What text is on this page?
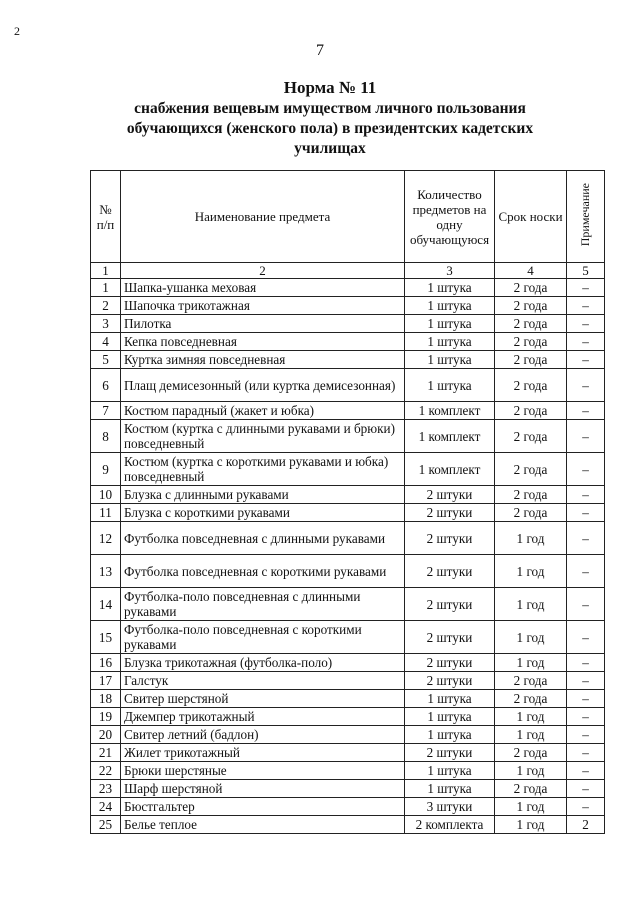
2
7
Норма № 11
снабжения вещевым имуществом личного пользования
обучающихся (женского пола) в президентских кадетских
училищах
№ п/п	Наименование предмета	Количество предметов на одну обучающуюся	Срок носки	Примечание
1	2	3	4	5
1	Шапка-ушанка меховая	1 штука	2 года	–
2	Шапочка трикотажная	1 штука	2 года	–
3	Пилотка	1 штука	2 года	–
4	Кепка повседневная	1 штука	2 года	–
5	Куртка зимняя повседневная	1 штука	2 года	–
6	Плащ демисезонный (или куртка демисезонная)	1 штука	2 года	–
7	Костюм парадный (жакет и юбка)	1 комплект	2 года	–
8	Костюм (куртка с длинными рукавами и брюки) повседневный	1 комплект	2 года	–
9	Костюм (куртка с короткими рукавами и юбка) повседневный	1 комплект	2 года	–
10	Блузка с длинными рукавами	2 штуки	2 года	–
11	Блузка с короткими рукавами	2 штуки	2 года	–
12	Футболка повседневная с длинными рукавами	2 штуки	1 год	–
13	Футболка повседневная с короткими рукавами	2 штуки	1 год	–
14	Футболка-поло повседневная с длинными рукавами	2 штуки	1 год	–
15	Футболка-поло повседневная с короткими рукавами	2 штуки	1 год	–
16	Блузка трикотажная (футболка-поло)	2 штуки	1 год	–
17	Галстук	2 штуки	2 года	–
18	Свитер шерстяной	1 штука	2 года	–
19	Джемпер трикотажный	1 штука	1 год	–
20	Свитер летний (бадлон)	1 штука	1 год	–
21	Жилет трикотажный	2 штуки	2 года	–
22	Брюки шерстяные	1 штука	1 год	–
23	Шарф шерстяной	1 штука	2 года	–
24	Бюстгальтер	3 штуки	1 год	–
25	Белье теплое	2 комплекта	1 год	2
